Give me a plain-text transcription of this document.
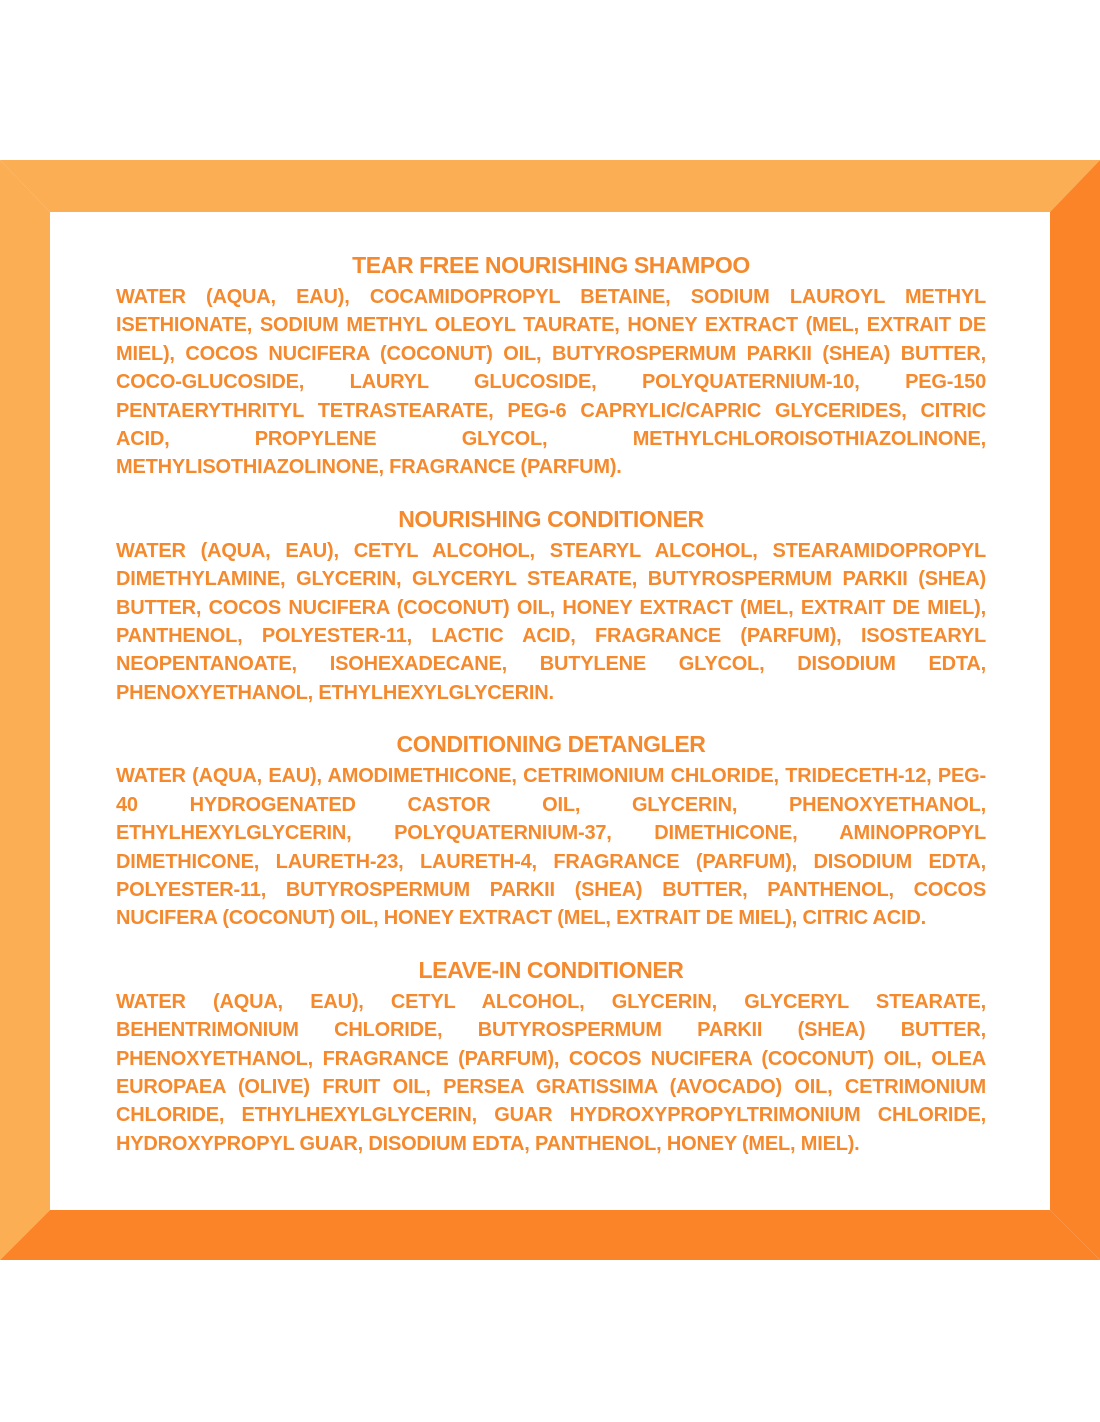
TEAR FREE NOURISHING SHAMPOO

WATER (AQUA, EAU), COCAMIDOPROPYL BETAINE, SODIUM LAUROYL METHYL ISETHIONATE, SODIUM METHYL OLEOYL TAURATE, HONEY EXTRACT (MEL, EXTRAIT DE MIEL), COCOS NUCIFERA (COCONUT) OIL, BUTYROSPERMUM PARKII (SHEA) BUTTER, COCO-GLUCOSIDE, LAURYL GLUCOSIDE, POLYQUATERNIUM-10, PEG-150 PENTAERYTHRITYL TETRASTEARATE, PEG-6 CAPRYLIC/CAPRIC GLYCERIDES, CITRIC ACID, PROPYLENE GLYCOL, METHYLCHLOROISOTHIAZOLINONE, METHYLISOTHIAZOLINONE, FRAGRANCE (PARFUM).

NOURISHING CONDITIONER

WATER (AQUA, EAU), CETYL ALCOHOL, STEARYL ALCOHOL, STEARAMIDOPROPYL DIMETHYLAMINE, GLYCERIN, GLYCERYL STEARATE, BUTYROSPERMUM PARKII (SHEA) BUTTER, COCOS NUCIFERA (COCONUT) OIL, HONEY EXTRACT (MEL, EXTRAIT DE MIEL), PANTHENOL, POLYESTER-11, LACTIC ACID, FRAGRANCE (PARFUM), ISOSTEARYL NEOPENTANOATE, ISOHEXADECANE, BUTYLENE GLYCOL, DISODIUM EDTA, PHENOXYETHANOL, ETHYLHEXYLGLYCERIN.

CONDITIONING DETANGLER

WATER (AQUA, EAU), AMODIMETHICONE, CETRIMONIUM CHLORIDE, TRIDECETH-12, PEG-40 HYDROGENATED CASTOR OIL, GLYCERIN, PHENOXYETHANOL, ETHYLHEXYLGLYCERIN, POLYQUATERNIUM-37, DIMETHICONE, AMINOPROPYL DIMETHICONE, LAURETH-23, LAURETH-4, FRAGRANCE (PARFUM), DISODIUM EDTA, POLYESTER-11, BUTYROSPERMUM PARKII (SHEA) BUTTER, PANTHENOL, COCOS NUCIFERA (COCONUT) OIL, HONEY EXTRACT (MEL, EXTRAIT DE MIEL), CITRIC ACID.

LEAVE-IN CONDITIONER

WATER (AQUA, EAU), CETYL ALCOHOL, GLYCERIN, GLYCERYL STEARATE, BEHENTRIMONIUM CHLORIDE, BUTYROSPERMUM PARKII (SHEA) BUTTER, PHENOXYETHANOL, FRAGRANCE (PARFUM), COCOS NUCIFERA (COCONUT) OIL, OLEA EUROPAEA (OLIVE) FRUIT OIL, PERSEA GRATISSIMA (AVOCADO) OIL, CETRIMONIUM CHLORIDE, ETHYLHEXYLGLYCERIN, GUAR HYDROXYPROPYLTRIMONIUM CHLORIDE, HYDROXYPROPYL GUAR, DISODIUM EDTA, PANTHENOL, HONEY (MEL, MIEL).
